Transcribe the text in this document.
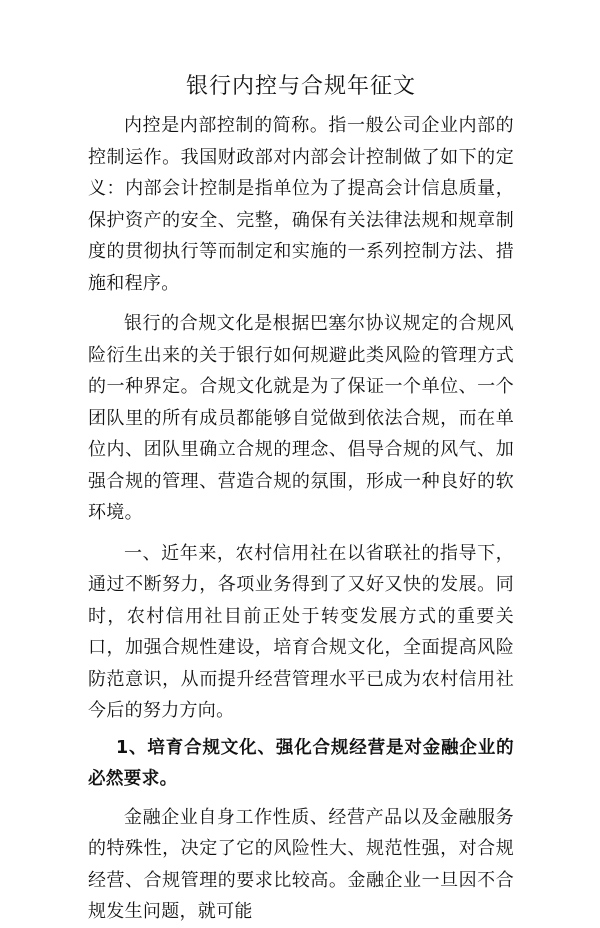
银行内控与合规年征文

内控是内部控制的简称。指一般公司企业内部的控制运作。我国财政部对内部会计控制做了如下的定义：内部会计控制是指单位为了提高会计信息质量，保护资产的安全、完整，确保有关法律法规和规章制度的贯彻执行等而制定和实施的一系列控制方法、措施和程序。

银行的合规文化是根据巴塞尔协议规定的合规风险衍生出来的关于银行如何规避此类风险的管理方式的一种界定。合规文化就是为了保证一个单位、一个团队里的所有成员都能够自觉做到依法合规，而在单位内、团队里确立合规的理念、倡导合规的风气、加强合规的管理、营造合规的氛围，形成一种良好的软环境。

一、近年来，农村信用社在以省联社的指导下，通过不断努力，各项业务得到了又好又快的发展。同时，农村信用社目前正处于转变发展方式的重要关口，加强合规性建设，培育合规文化，全面提高风险防范意识，从而提升经营管理水平已成为农村信用社今后的努力方向。

1、培育合规文化、强化合规经营是对金融企业的必然要求。

金融企业自身工作性质、经营产品以及金融服务的特殊性，决定了它的风险性大、规范性强，对合规经营、合规管理的要求比较高。金融企业一旦因不合规发生问题，就可能
